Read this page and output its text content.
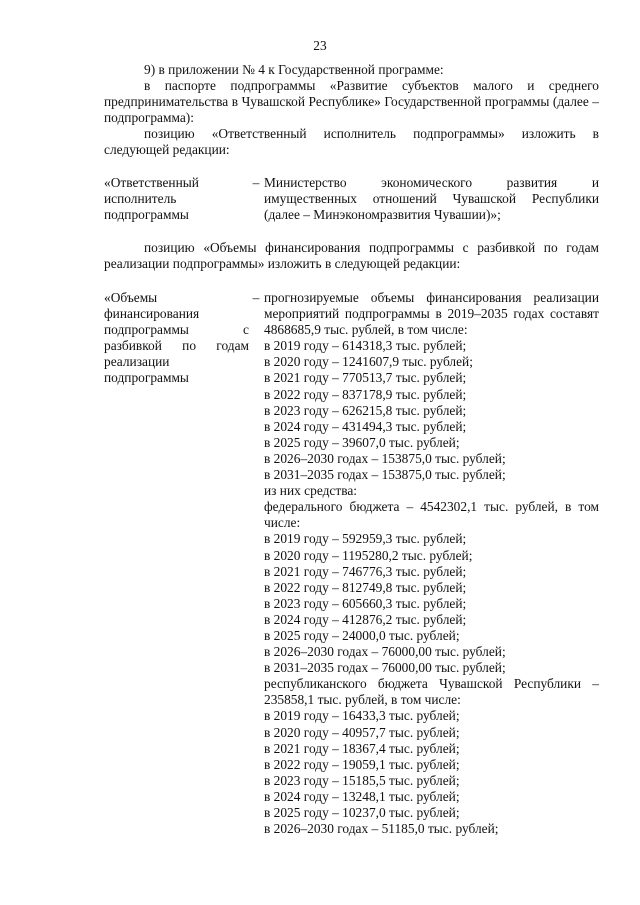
23

9) в приложении № 4 к Государственной программе:

в паспорте подпрограммы «Развитие субъектов малого и среднего предпринимательства в Чувашской Республике» Государственной программы (далее – подпрограмма):

позицию «Ответственный исполнитель подпрограммы» изложить в следующей редакции:

«Ответственный исполнитель подпрограммы
– Министерство экономического развития и имущественных отношений Чувашской Республики (далее – Минэкономразвития Чувашии)»;

позицию «Объемы финансирования подпрограммы с разбивкой по годам реализации подпрограммы» изложить в следующей редакции:

«Объемы финансирования подпрограммы с разбивкой по годам реализации подпрограммы
– прогнозируемые объемы финансирования реализации мероприятий подпрограммы в 2019–2035 годах составят 4868685,9 тыс. рублей, в том числе:
в 2019 году – 614318,3 тыс. рублей;
в 2020 году – 1241607,9 тыс. рублей;
в 2021 году – 770513,7 тыс. рублей;
в 2022 году – 837178,9 тыс. рублей;
в 2023 году – 626215,8 тыс. рублей;
в 2024 году – 431494,3 тыс. рублей;
в 2025 году – 39607,0 тыс. рублей;
в 2026–2030 годах – 153875,0 тыс. рублей;
в 2031–2035 годах – 153875,0 тыс. рублей;
из них средства:
федерального бюджета – 4542302,1 тыс. рублей, в том числе:
в 2019 году – 592959,3 тыс. рублей;
в 2020 году – 1195280,2 тыс. рублей;
в 2021 году – 746776,3 тыс. рублей;
в 2022 году – 812749,8 тыс. рублей;
в 2023 году – 605660,3 тыс. рублей;
в 2024 году – 412876,2 тыс. рублей;
в 2025 году – 24000,0 тыс. рублей;
в 2026–2030 годах – 76000,00 тыс. рублей;
в 2031–2035 годах – 76000,00 тыс. рублей;
республиканского бюджета Чувашской Республики – 235858,1 тыс. рублей, в том числе:
в 2019 году – 16433,3 тыс. рублей;
в 2020 году – 40957,7 тыс. рублей;
в 2021 году – 18367,4 тыс. рублей;
в 2022 году – 19059,1 тыс. рублей;
в 2023 году – 15185,5 тыс. рублей;
в 2024 году – 13248,1 тыс. рублей;
в 2025 году – 10237,0 тыс. рублей;
в 2026–2030 годах – 51185,0 тыс. рублей;
